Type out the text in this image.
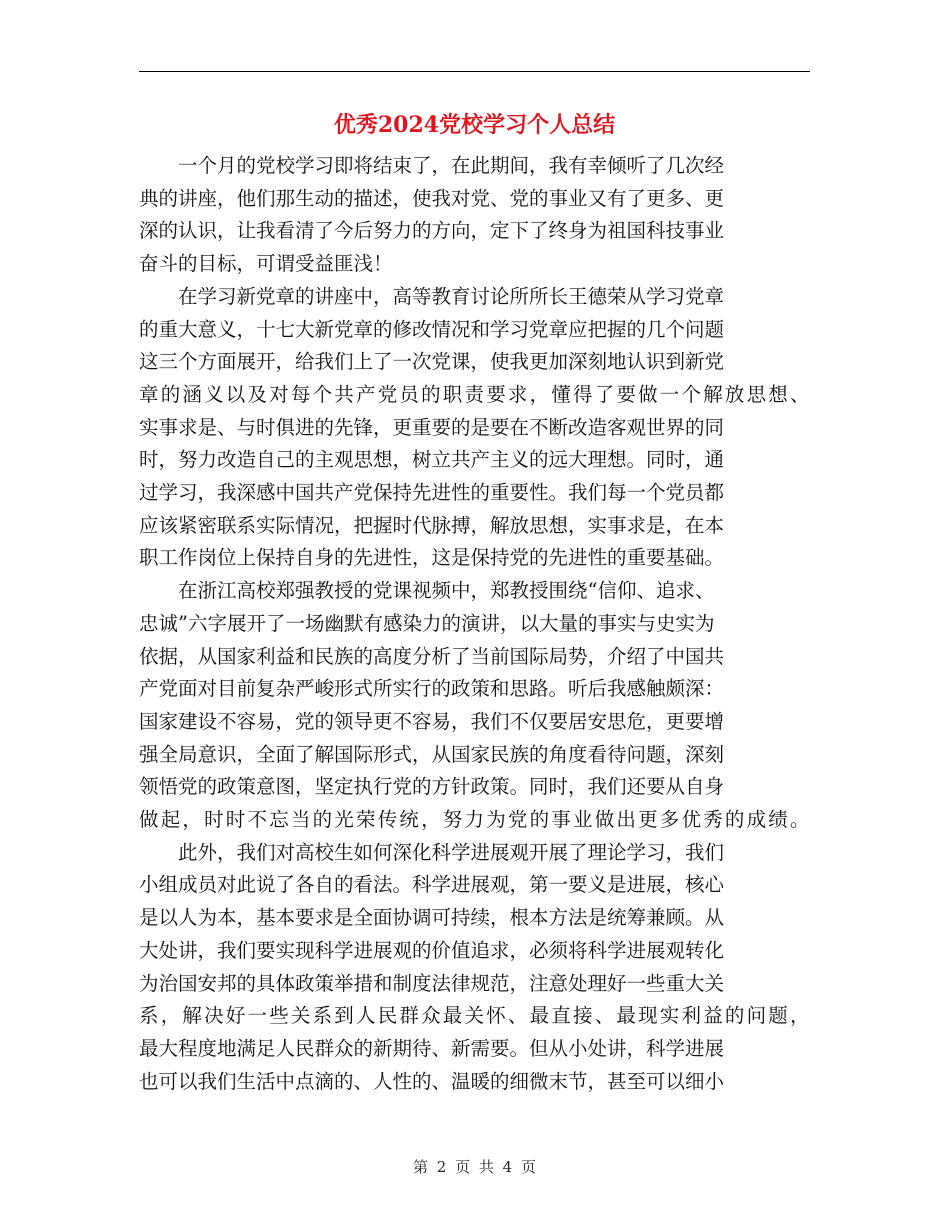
优秀2024党校学习个人总结

　　一个月的党校学习即将结束了，在此期间，我有幸倾听了几次经
典的讲座，他们那生动的描述，使我对党、党的事业又有了更多、更
深的认识，让我看清了今后努力的方向，定下了终身为祖国科技事业
奋斗的目标，可谓受益匪浅！

　　在学习新党章的讲座中，高等教育讨论所所长王德荣从学习党章
的重大意义，十七大新党章的修改情况和学习党章应把握的几个问题
这三个方面展开，给我们上了一次党课，使我更加深刻地认识到新党
章的涵义以及对每个共产党员的职责要求，懂得了要做一个解放思想、
实事求是、与时俱进的先锋，更重要的是要在不断改造客观世界的同
时，努力改造自己的主观思想，树立共产主义的远大理想。同时，通
过学习，我深感中国共产党保持先进性的重要性。我们每一个党员都
应该紧密联系实际情况，把握时代脉搏，解放思想，实事求是，在本
职工作岗位上保持自身的先进性，这是保持党的先进性的重要基础。

　　在浙江高校郑强教授的党课视频中，郑教授围绕“信仰、追求、
忠诚”六字展开了一场幽默有感染力的演讲，以大量的事实与史实为
依据，从国家利益和民族的高度分析了当前国际局势，介绍了中国共
产党面对目前复杂严峻形式所实行的政策和思路。听后我感触颇深：
国家建设不容易，党的领导更不容易，我们不仅要居安思危，更要增
强全局意识，全面了解国际形式，从国家民族的角度看待问题，深刻
领悟党的政策意图，坚定执行党的方针政策。同时，我们还要从自身
做起，时时不忘当的光荣传统，努力为党的事业做出更多优秀的成绩。

　　此外，我们对高校生如何深化科学进展观开展了理论学习，我们
小组成员对此说了各自的看法。科学进展观，第一要义是进展，核心
是以人为本，基本要求是全面协调可持续，根本方法是统筹兼顾。从
大处讲，我们要实现科学进展观的价值追求，必须将科学进展观转化
为治国安邦的具体政策举措和制度法律规范，注意处理好一些重大关
系，解决好一些关系到人民群众最关怀、最直接、最现实利益的问题，
最大程度地满足人民群众的新期待、新需要。但从小处讲，科学进展
也可以我们生活中点滴的、人性的、温暖的细微末节，甚至可以细小

第 2 页 共 4 页
